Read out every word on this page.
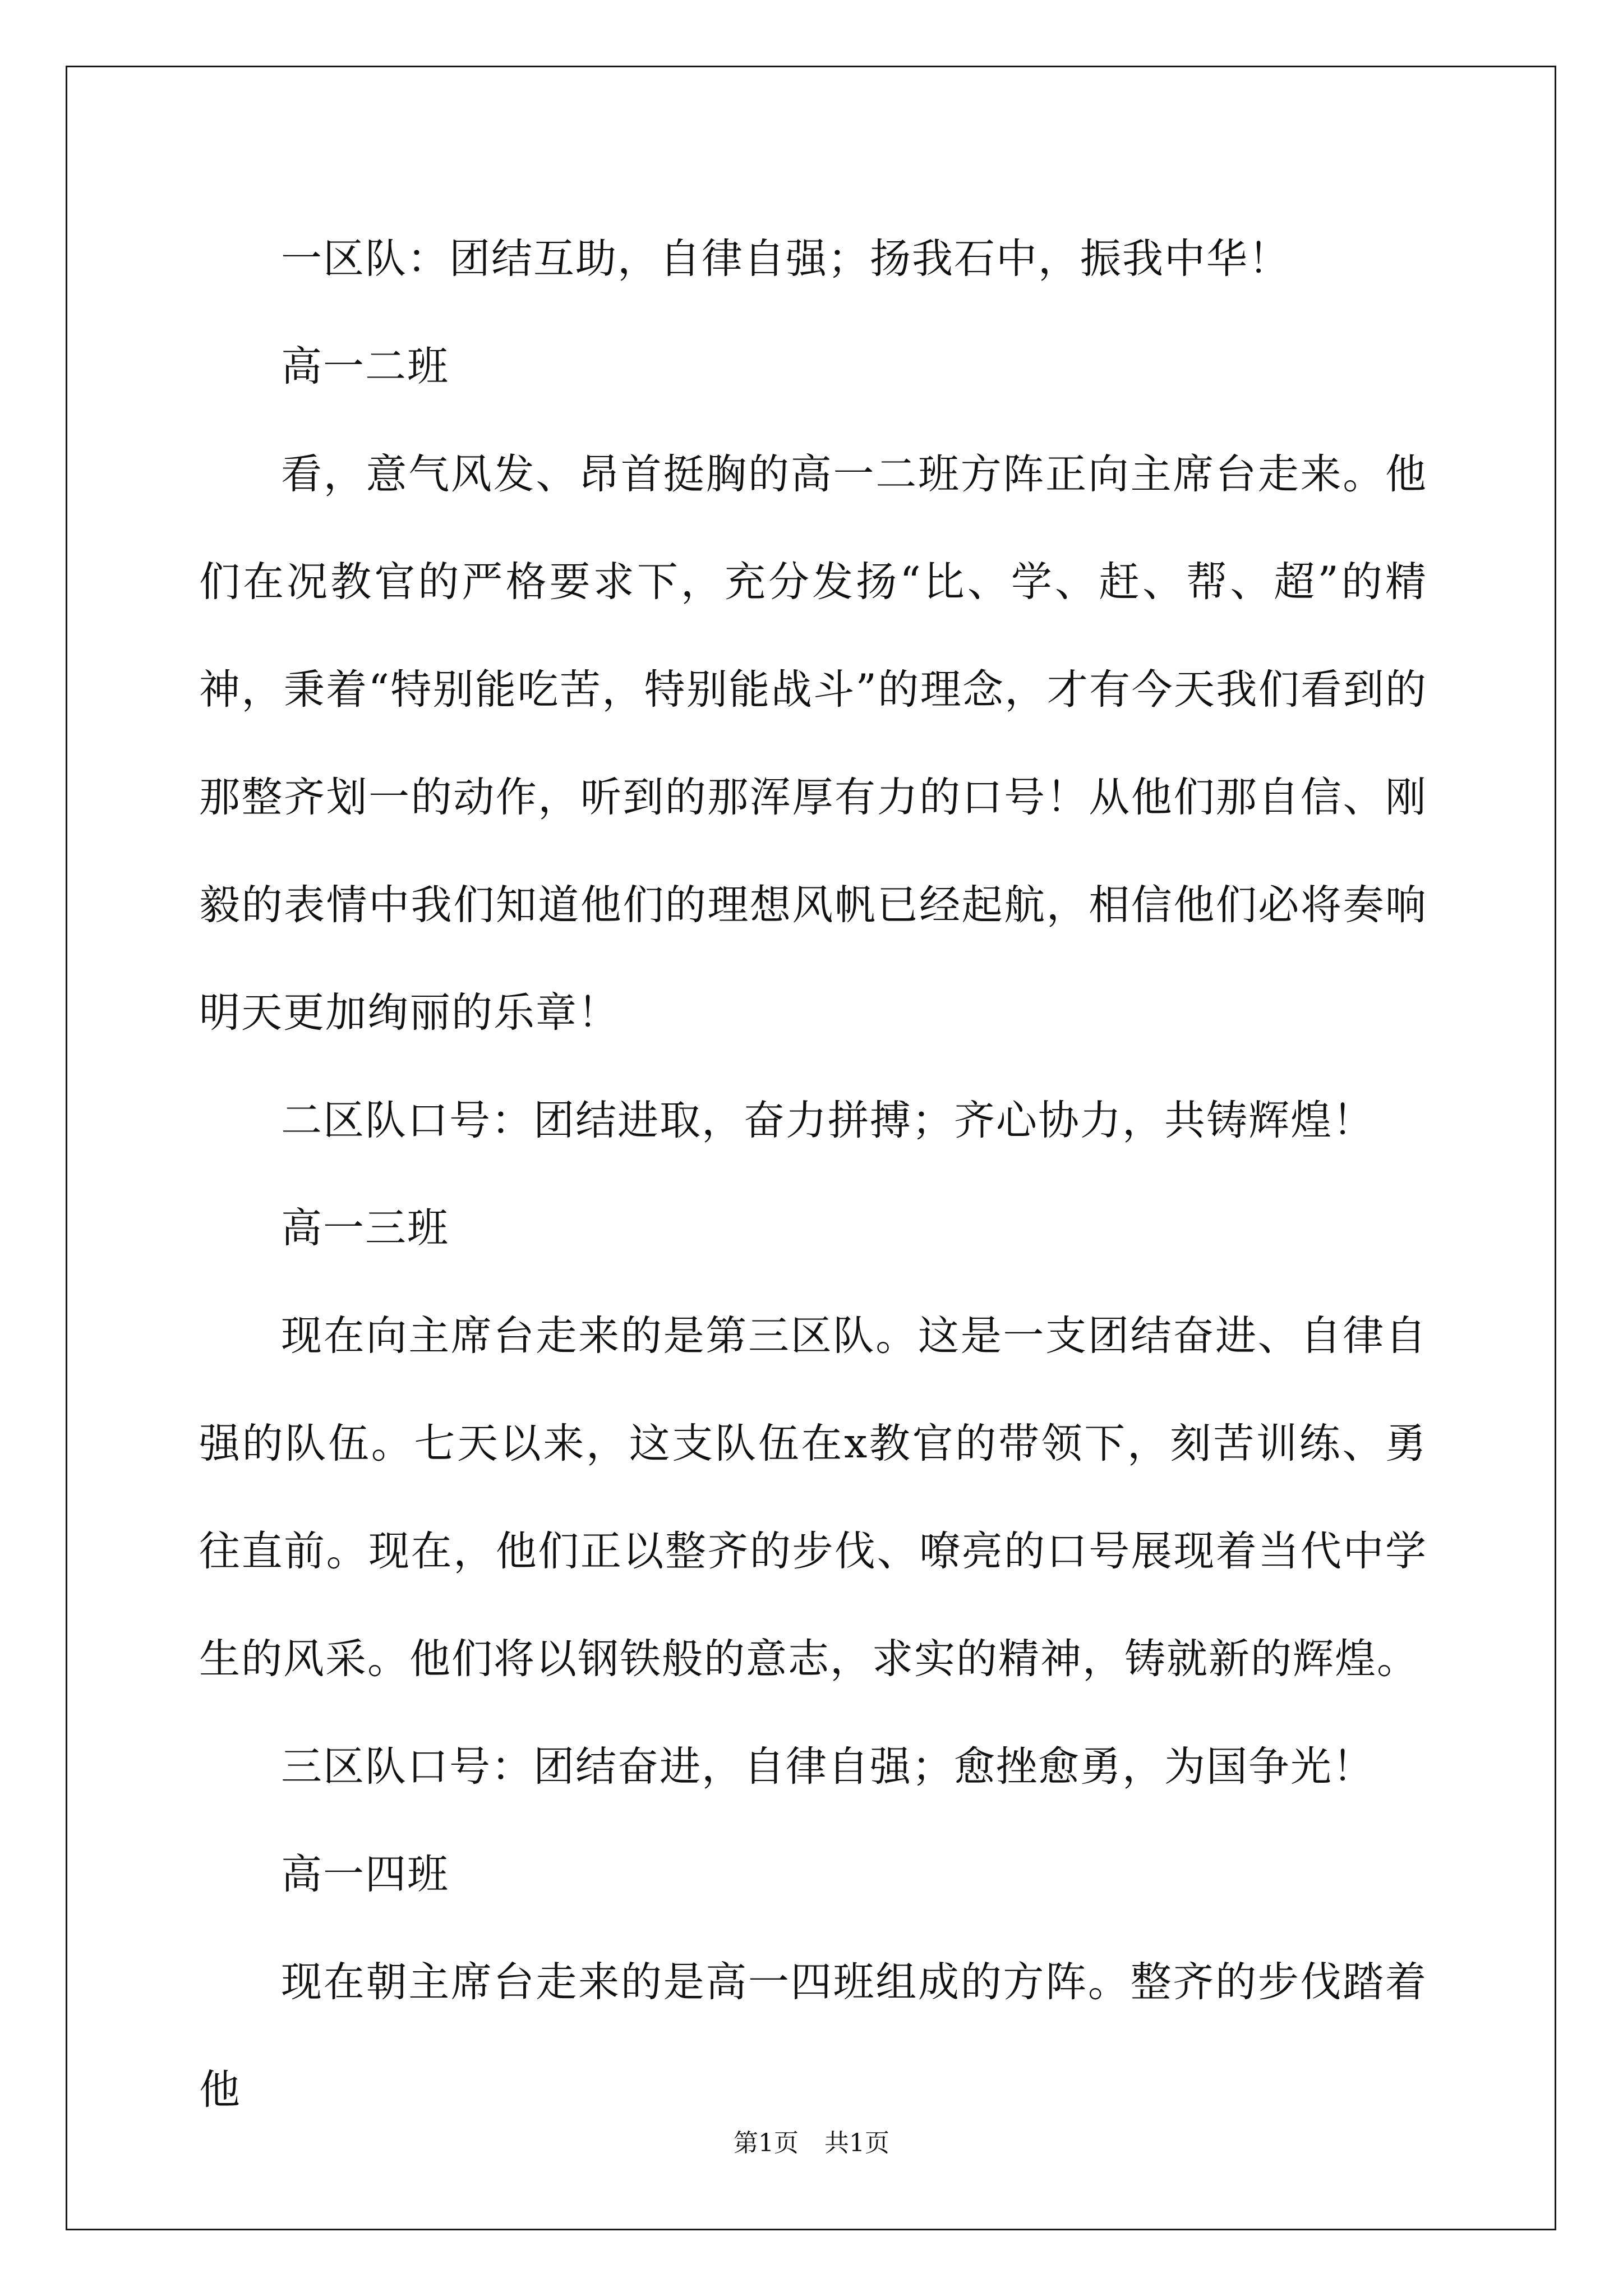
一区队：团结互助，自律自强；扬我石中，振我中华！

高一二班

看，意气风发、昂首挺胸的高一二班方阵正向主席台走来。他们在况教官的严格要求下，充分发扬“比、学、赶、帮、超”的精神，秉着“特别能吃苦，特别能战斗”的理念，才有今天我们看到的那整齐划一的动作，听到的那浑厚有力的口号！从他们那自信、刚毅的表情中我们知道他们的理想风帆已经起航，相信他们必将奏响明天更加绚丽的乐章！

二区队口号：团结进取，奋力拼搏；齐心协力，共铸辉煌！

高一三班

现在向主席台走来的是第三区队。这是一支团结奋进、自律自强的队伍。七天以来，这支队伍在x教官的带领下，刻苦训练、勇往直前。现在，他们正以整齐的步伐、嘹亮的口号展现着当代中学生的风采。他们将以钢铁般的意志，求实的精神，铸就新的辉煌。

三区队口号：团结奋进，自律自强；愈挫愈勇，为国争光！

高一四班

现在朝主席台走来的是高一四班组成的方阵。整齐的步伐踏着他

第1页 共1页
